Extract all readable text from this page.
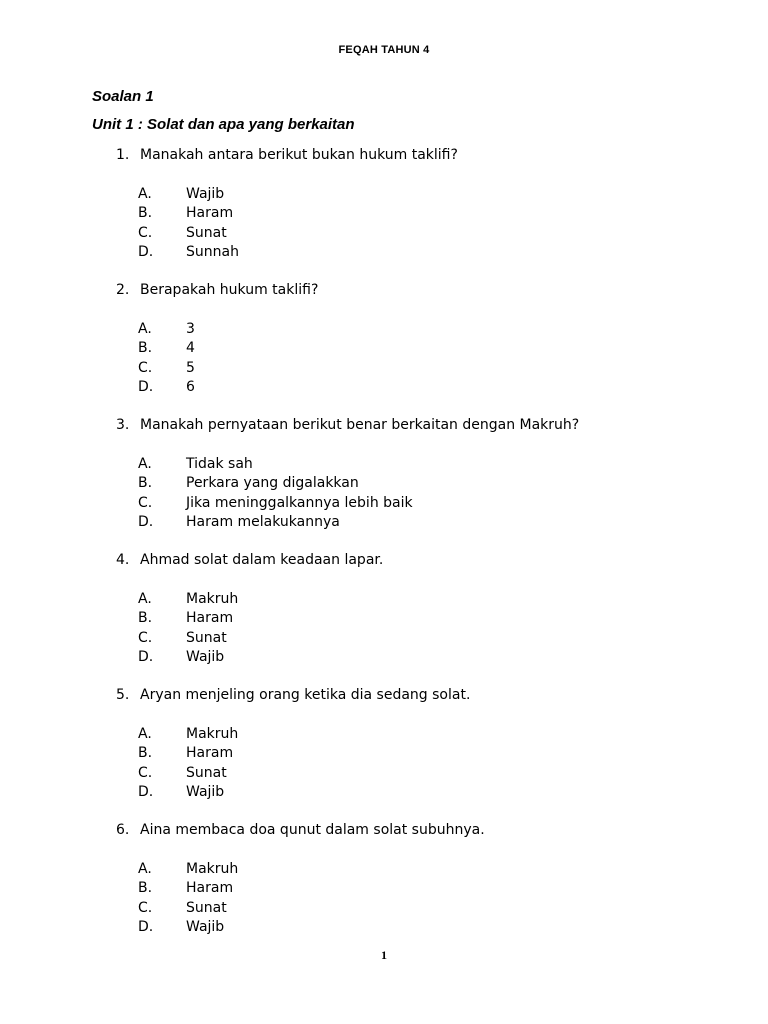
FEQAH TAHUN 4
Soalan 1
Unit 1 : Solat dan apa yang berkaitan
1. Manakah antara berikut bukan hukum taklifi?
A. Wajib
B. Haram
C. Sunat
D. Sunnah
2. Berapakah hukum taklifi?
A. 3
B. 4
C. 5
D. 6
3. Manakah pernyataan berikut benar berkaitan dengan Makruh?
A. Tidak sah
B. Perkara yang digalakkan
C. Jika meninggalkannya lebih baik
D. Haram melakukannya
4. Ahmad solat dalam keadaan lapar.
A. Makruh
B. Haram
C. Sunat
D. Wajib
5. Aryan menjeling orang ketika dia sedang solat.
A. Makruh
B. Haram
C. Sunat
D. Wajib
6. Aina membaca doa qunut dalam solat subuhnya.
A. Makruh
B. Haram
C. Sunat
D. Wajib
1
